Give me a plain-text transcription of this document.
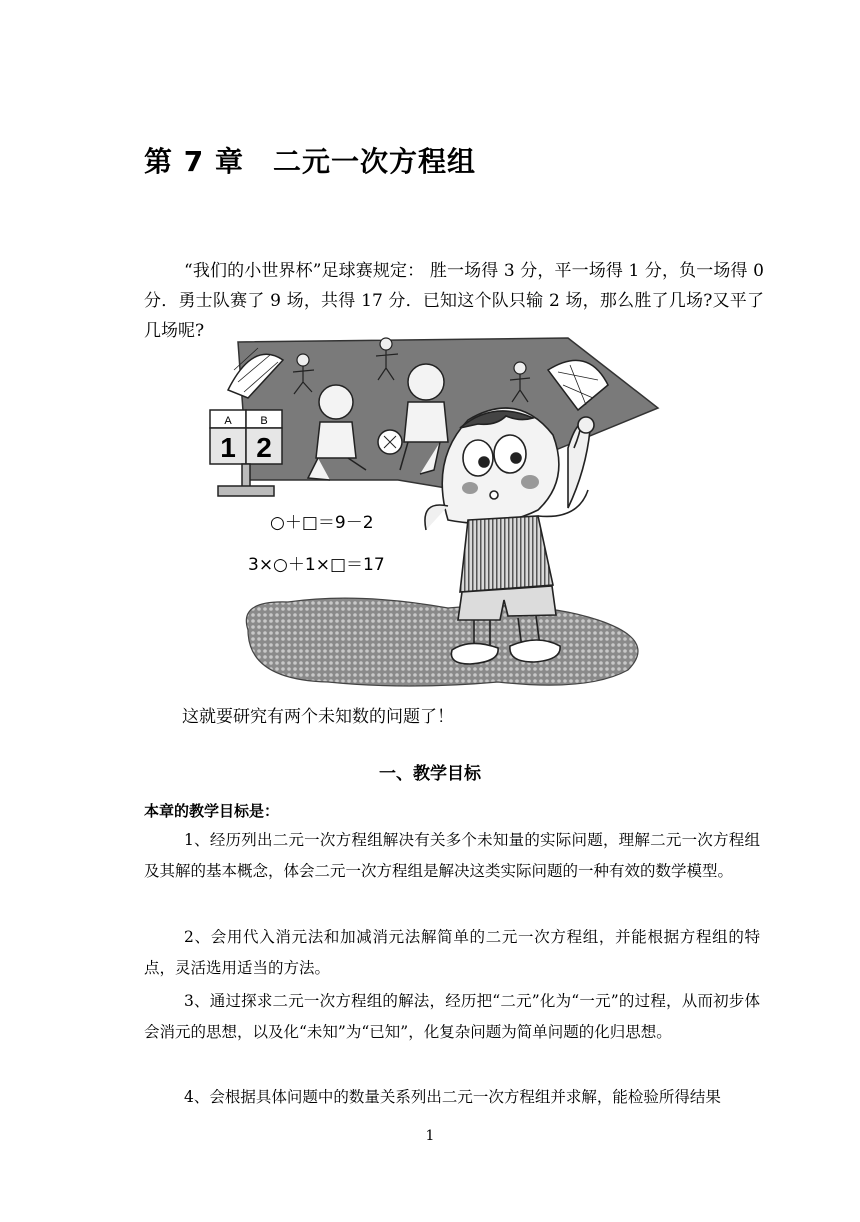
第 7 章　二元一次方程组

“我们的小世界杯”足球赛规定： 胜一场得 3 分，平一场得 1 分，负一场得 0 分．勇士队赛了 9 场，共得 17 分．已知这个队只输 2 场，那么胜了几场?又平了几场呢?

A	B
1 2
○＋□＝9－2
3×○＋1×□＝17

这就要研究有两个未知数的问题了！

一、教学目标

本章的教学目标是：

1、经历列出二元一次方程组解决有关多个未知量的实际问题，理解二元一次方程组及其解的基本概念，体会二元一次方程组是解决这类实际问题的一种有效的数学模型。

2、会用代入消元法和加减消元法解简单的二元一次方程组，并能根据方程组的特点，灵活选用适当的方法。

3、通过探求二元一次方程组的解法，经历把“二元”化为“一元”的过程，从而初步体会消元的思想，以及化“未知”为“已知”，化复杂问题为简单问题的化归思想。

4、会根据具体问题中的数量关系列出二元一次方程组并求解，能检验所得结果

1
